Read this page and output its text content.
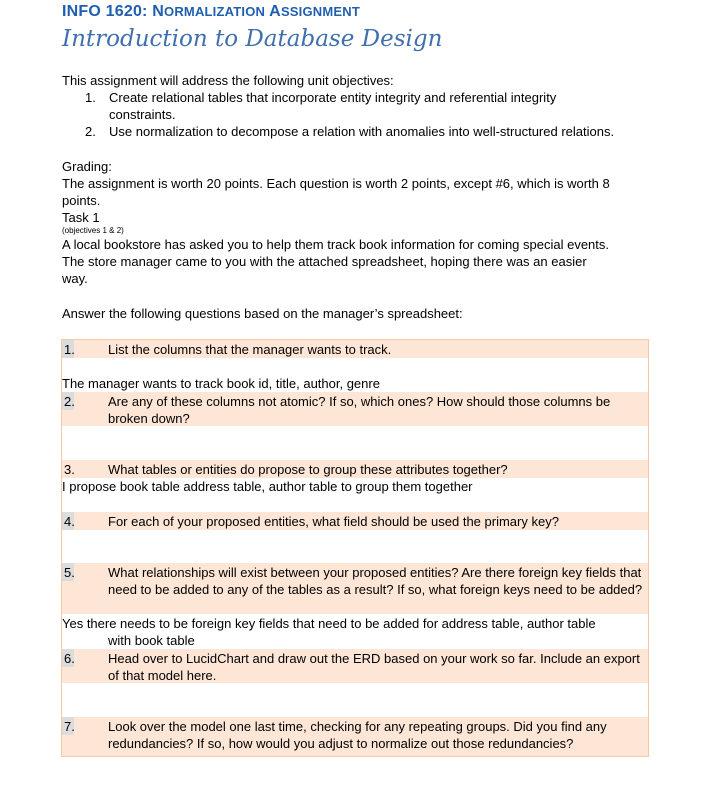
INFO 1620: NORMALIZATION ASSIGNMENT
Introduction to Database Design
This assignment will address the following unit objectives:
1. Create relational tables that incorporate entity integrity and referential integrity constraints.
2. Use normalization to decompose a relation with anomalies into well-structured relations.
Grading:
The assignment is worth 20 points. Each question is worth 2 points, except #6, which is worth 8
points.
Task 1
(objectives 1 & 2)
A local bookstore has asked you to help them track book information for coming special events.
The store manager came to you with the attached spreadsheet, hoping there was an easier
way.
Answer the following questions based on the manager’s spreadsheet:
1.	List the columns that the manager wants to track.
The manager wants to track book id, title, author, genre
2.	Are any of these columns not atomic? If so, which ones? How should those columns be broken down?
3.	What tables or entities do propose to group these attributes together?
I propose book table address table, author table to group them together
4.	For each of your proposed entities, what field should be used the primary key?
5.	What relationships will exist between your proposed entities? Are there foreign key fields that need to be added to any of the tables as a result? If so, what foreign keys need to be added?
Yes there needs to be foreign key fields that need to be added for address table, author table
with book table
6.	Head over to LucidChart and draw out the ERD based on your work so far. Include an export of that model here.
7.	Look over the model one last time, checking for any repeating groups. Did you find any redundancies? If so, how would you adjust to normalize out those redundancies?
